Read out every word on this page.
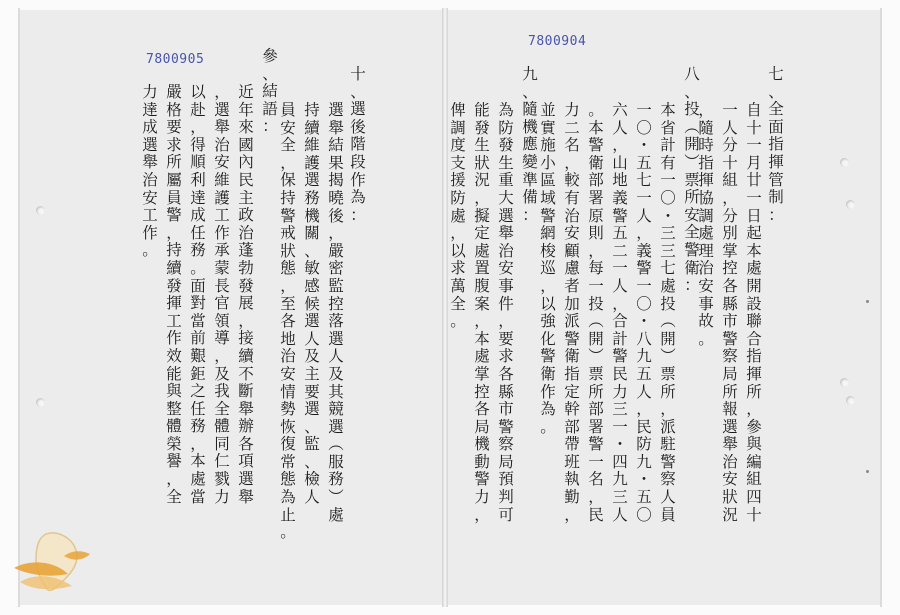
7800905
7800904
十
、
選
後
階
段
作
為
：
選
舉
結
果
揭
曉
後
，
嚴
密
監
控
落
選
人
及
其
競
選
︵
服
務
︶
處
持
續
維
護
選
務
機
關
、
敏
感
候
選
人
及
主
要
選
、
監
、
檢
人
員
安
全
，
保
持
警
戒
狀
態
，
至
各
地
治
安
情
勢
恢
復
常
態
為
止
。
參
、
結
語
：
近
年
來
國
內
民
主
政
治
蓬
勃
發
展
，
接
續
不
斷
舉
辦
各
項
選
舉
，
選
舉
治
安
維
護
工
作
承
蒙
長
官
領
導
，
及
我
全
體
同
仁
戮
力
以
赴
，
得
順
利
達
成
任
務
。
面
對
當
前
艱
鉅
之
任
務
，
本
處
當
嚴
格
要
求
所
屬
員
警
，
持
續
發
揮
工
作
效
能
與
整
體
榮
譽
，
全
力
達
成
選
舉
治
安
工
作
。
七
、
全
面
指
揮
管
制
：
自
十
一
月
廿
一
日
起
本
處
開
設
聯
合
指
揮
所
，
參
與
編
組
四
十
一
人
分
十
組
，
分
別
掌
控
各
縣
市
警
察
局
所
報
選
舉
治
安
狀
況
，
隨
時
指
揮
協
調
處
理
治
安
事
故
。
八
、
投
︵
開
︶
票
所
安
全
警
衛
：
本
省
計
有
一
〇
・
三
三
七
處
投
︵
開
︶
票
所
，
派
駐
警
察
人
員
一
〇
・
五
七
一
人
，
義
警
一
〇
・
八
九
五
人
，
民
防
九
・
五
〇
六
人
，
山
地
義
警
五
二
一
人
，
合
計
警
民
力
三
一
・
四
九
三
人
。
本
警
衛
部
署
原
則
，
每
一
投
︵
開
︶
票
所
部
署
警
一
名
，
民
力
二
名
，
較
有
治
安
顧
慮
者
加
派
警
衛
指
定
幹
部
帶
班
執
勤
，
並
實
施
小
區
域
警
網
梭
巡
，
以
強
化
警
衛
作
為
。
九
、
隨
機
應
變
準
備
：
為
防
發
生
重
大
選
舉
治
安
事
件
，
要
求
各
縣
市
警
察
局
預
判
可
能
發
生
狀
況
，
擬
定
處
置
腹
案
，
本
處
掌
控
各
局
機
動
警
力
，
俾
調
度
支
援
防
處
，
以
求
萬
全
。
